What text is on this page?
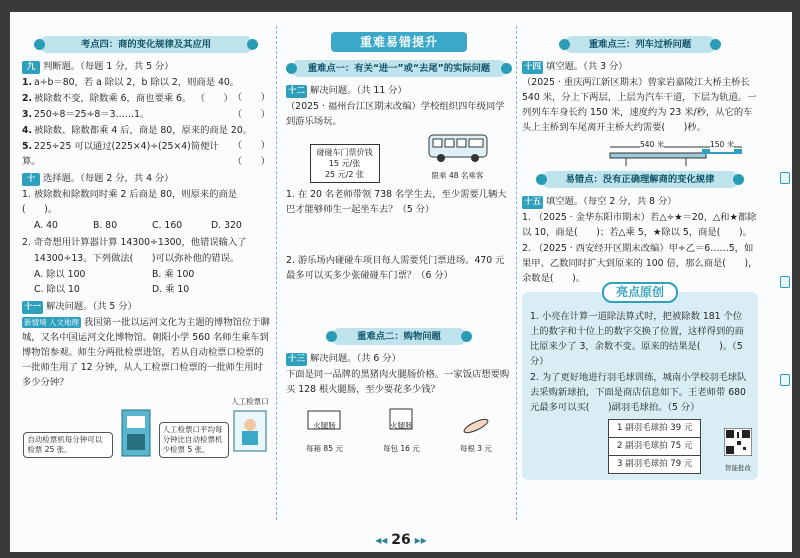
考点四：商的变化规律及其应用
九 判断题。（每题 1 分，共 5 分）
1. a÷b＝80，若 a 除以 2，b 除以 2，则商是 40。
（　　）
2. 被除数不变，除数乘 6，商也要乘 6。 （　　）
3. 250÷8＝25÷8＝3……1。	（　　）
4. 被除数、除数都乘 4 后，商是 80，原来的商是 20。
（　　）
5. 225÷25 可以通过(225×4)÷(25×4)简便计算。	（　　）
十 选择题。（每题 2 分，共 4 分）
1. 被除数和除数同时乘 2 后商是 80，则原来的商是(　　)。
A. 40	B. 80	C. 160	D. 320
2. 奇奇想用计算器计算 14300÷1300，他错误输入了
14300÷13。下列做法(　　)可以弥补他的错误。
A. 除以 100	B. 乘 100
C. 除以 10	D. 乘 10
十一 解决问题。（共 5 分）
新情境 人文地理 我国第一批以运河文化为主题的博物馆位于聊城，又名中国运河文化博物馆。朝阳小学 560 名师生乘车到博物馆参观。师生分两批检票进馆，若从自动检票口检票的一批师生用了 12 分钟，从人工检票口检票的一批师生用时多少分钟？
自动检票机每分钟可以检票 25 张。
人工检票口平均每分钟比自动检票机少检票 5 张。
人工检票口
重难易错提升
重难点一：有关“进一”或“去尾”的实际问题
十二 解决问题。（共 11 分）
（2025 · 福州台江区期末改编）学校组织四年级同学到游乐场玩。
碰碰车门票价钱
15 元/张
25 元/2 张	限乘 48 名乘客
1. 在 20 名老师带领 738 名学生去，至少需要几辆大巴才能够师生一起坐车去？（5 分）
2. 游乐场内碰碰车项目每人需要凭门票进场。470 元最多可以买多少张碰碰车门票？（6 分）
重难点二：购物问题
十三 解决问题。（共 6 分）
下面是同一品牌的黑猪肉火腿肠价格。一家饭店想要购买 128 根火腿肠，至少要花多少钱？
火腿肠
每箱 85 元
火腿肠
每包 16 元	每根 3 元
重难点三：列车过桥问题
十四 填空题。（共 3 分）
（2025 · 重庆两江新区期末）曾家岩嘉陵江大桥主桥长 540 米，分上下两层，上层为汽车干道，下层为轨道。一列列车车身长约 150 米，速度约为 23 米/秒，从它的车头上主桥到车尾离开主桥大约需要(　　)秒。
540 米	150 米
易错点：没有正确理解商的变化规律
十五 填空题。（每空 2 分，共 8 分）
1. （2025 · 金华东阳市期末）若△÷★＝20，△和★都除以 10，商是(　　)；若△乘 5，★除以 5，商是(　　)。
2. （2025 · 西安经开区期末改编）甲÷乙＝6……5，如果甲、乙数同时扩大到原来的 100 倍，那么商是(　　)，余数是(　　)。
亮点原创
1. 小亮在计算一道除法算式时，把被除数 181 个位上的数字和十位上的数字交换了位置，这样得到的商比原来少了 3，余数不变。原来的结果是(　　)。（5 分）
2. 为了更好地进行羽毛球训练，城南小学校羽毛球队去采购新球拍，下面是商店信息如下。王老师带 680 元最多可以买(　　)副羽毛球拍。（5 分）
1 副羽毛球拍 39 元
2 副羽毛球拍 75 元
3 副羽毛球拍 79 元	智能批改
◂◂ 26 ▸▸
